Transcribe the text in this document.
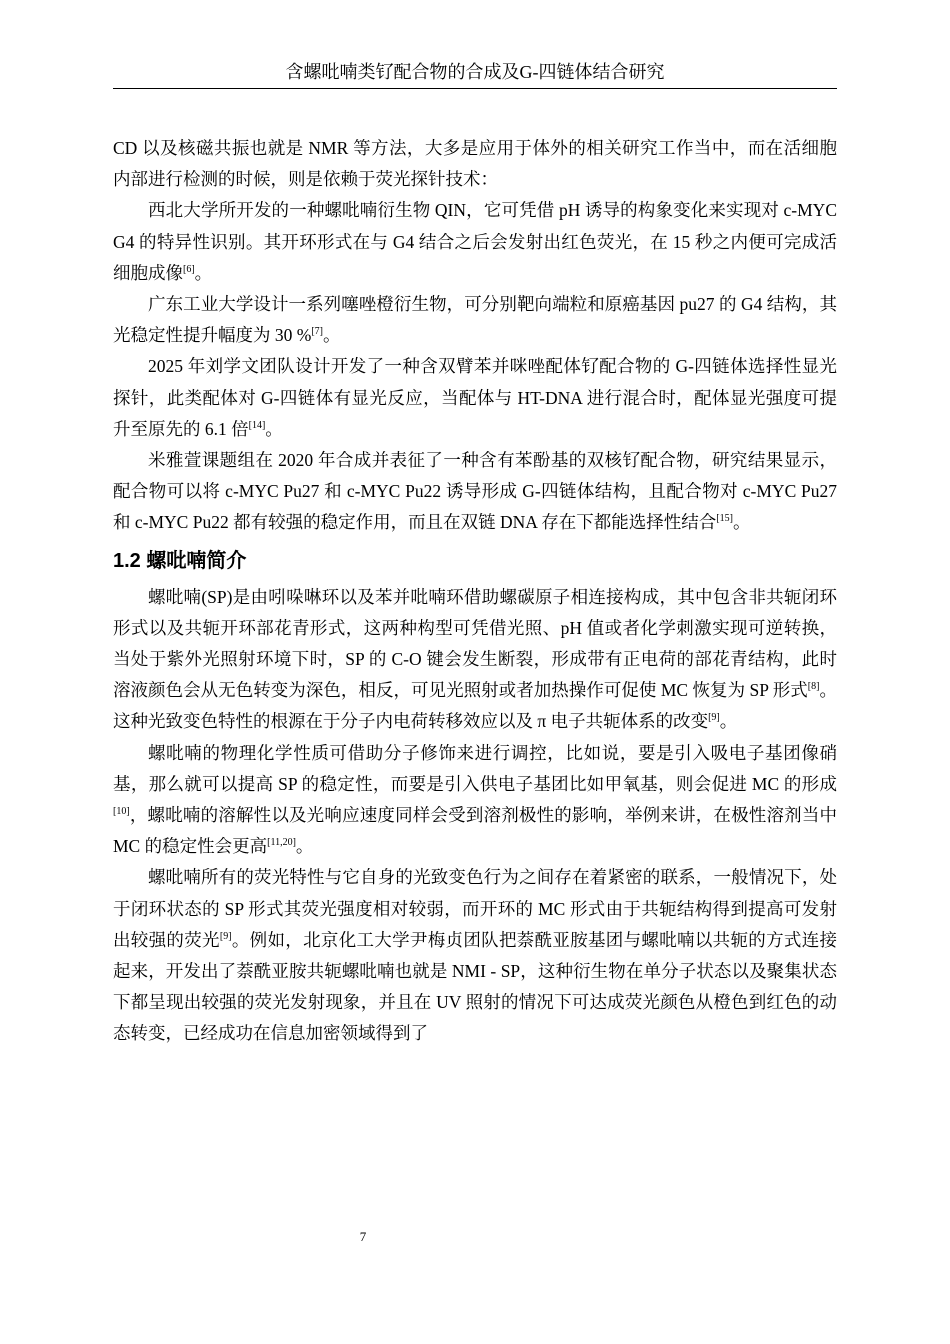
含螺吡喃类钌配合物的合成及G-四链体结合研究

CD 以及核磁共振也就是 NMR 等方法，大多是应用于体外的相关研究工作当中，而在活细胞内部进行检测的时候，则是依赖于荧光探针技术：

西北大学所开发的一种螺吡喃衍生物 QIN，它可凭借 pH 诱导的构象变化来实现对 c-MYC G4 的特异性识别。其开环形式在与 G4 结合之后会发射出红色荧光，在 15 秒之内便可完成活细胞成像[6]。

广东工业大学设计一系列噻唑橙衍生物，可分别靶向端粒和原癌基因 pu27 的 G4 结构，其光稳定性提升幅度为 30 %[7]。

2025 年刘学文团队设计开发了一种含双臂苯并咪唑配体钌配合物的 G-四链体选择性显光探针，此类配体对 G-四链体有显光反应，当配体与 HT-DNA 进行混合时，配体显光强度可提升至原先的 6.1 倍[14]。

米雅萱课题组在 2020 年合成并表征了一种含有苯酚基的双核钌配合物，研究结果显示，配合物可以将 c-MYC Pu27 和 c-MYC Pu22 诱导形成 G-四链体结构，且配合物对 c-MYC Pu27 和 c-MYC Pu22 都有较强的稳定作用，而且在双链 DNA 存在下都能选择性结合[15]。

1.2 螺吡喃简介

螺吡喃(SP)是由吲哚啉环以及苯并吡喃环借助螺碳原子相连接构成，其中包含非共轭闭环形式以及共轭开环部花青形式，这两种构型可凭借光照、pH 值或者化学刺激实现可逆转换，当处于紫外光照射环境下时，SP 的 C-O 键会发生断裂，形成带有正电荷的部花青结构，此时溶液颜色会从无色转变为深色，相反，可见光照射或者加热操作可促使 MC 恢复为 SP 形式[8]。这种光致变色特性的根源在于分子内电荷转移效应以及 π 电子共轭体系的改变[9]。

螺吡喃的物理化学性质可借助分子修饰来进行调控，比如说，要是引入吸电子基团像硝基，那么就可以提高 SP 的稳定性，而要是引入供电子基团比如甲氧基，则会促进 MC 的形成[10]，螺吡喃的溶解性以及光响应速度同样会受到溶剂极性的影响，举例来讲，在极性溶剂当中 MC 的稳定性会更高[11,20]。

螺吡喃所有的荧光特性与它自身的光致变色行为之间存在着紧密的联系，一般情况下，处于闭环状态的 SP 形式其荧光强度相对较弱，而开环的 MC 形式由于共轭结构得到提高可发射出较强的荧光[9]。例如，北京化工大学尹梅贞团队把萘酰亚胺基团与螺吡喃以共轭的方式连接起来，开发出了萘酰亚胺共轭螺吡喃也就是 NMI - SP，这种衍生物在单分子状态以及聚集状态下都呈现出较强的荧光发射现象，并且在 UV 照射的情况下可达成荧光颜色从橙色到红色的动态转变，已经成功在信息加密领域得到了

7
